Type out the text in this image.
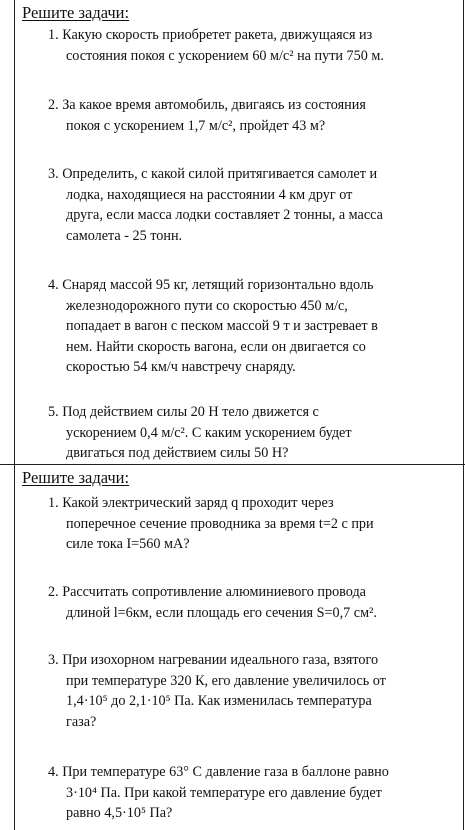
Решите задачи:
1. Какую скорость приобретет ракета, движущаяся из
состояния покоя с ускорением 60 м/с² на пути 750 м.
2. За какое время автомобиль, двигаясь из состояния
покоя с ускорением 1,7 м/с², пройдет 43 м?
3. Определить, с какой силой притягивается самолет и
лодка, находящиеся на расстоянии 4 км друг от
друга, если масса лодки составляет 2 тонны, а масса
самолета - 25 тонн.
4. Снаряд массой 95 кг, летящий горизонтально вдоль
железнодорожного пути со скоростью 450 м/с,
попадает в вагон с песком массой 9 т и застревает в
нем. Найти скорость вагона, если он двигается со
скоростью 54 км/ч навстречу снаряду.
5. Под действием силы 20 Н тело движется с
ускорением 0,4 м/с². С каким ускорением будет
двигаться под действием силы 50 Н?
Решите задачи:
1. Какой электрический заряд q проходит через
поперечное сечение проводника за время t=2 с при
силе тока I=560 мА?
2. Рассчитать сопротивление алюминиевого провода
длиной l=6км, если площадь его сечения S=0,7 см².
3. При изохорном нагревании идеального газа, взятого
при температуре 320 К, его давление увеличилось от
1,4·10⁵ до 2,1·10⁵ Па. Как изменилась температура
газа?
4. При температуре 63° С давление газа в баллоне равно
3·10⁴ Па. При какой температуре его давление будет
равно 4,5·10⁵ Па?
